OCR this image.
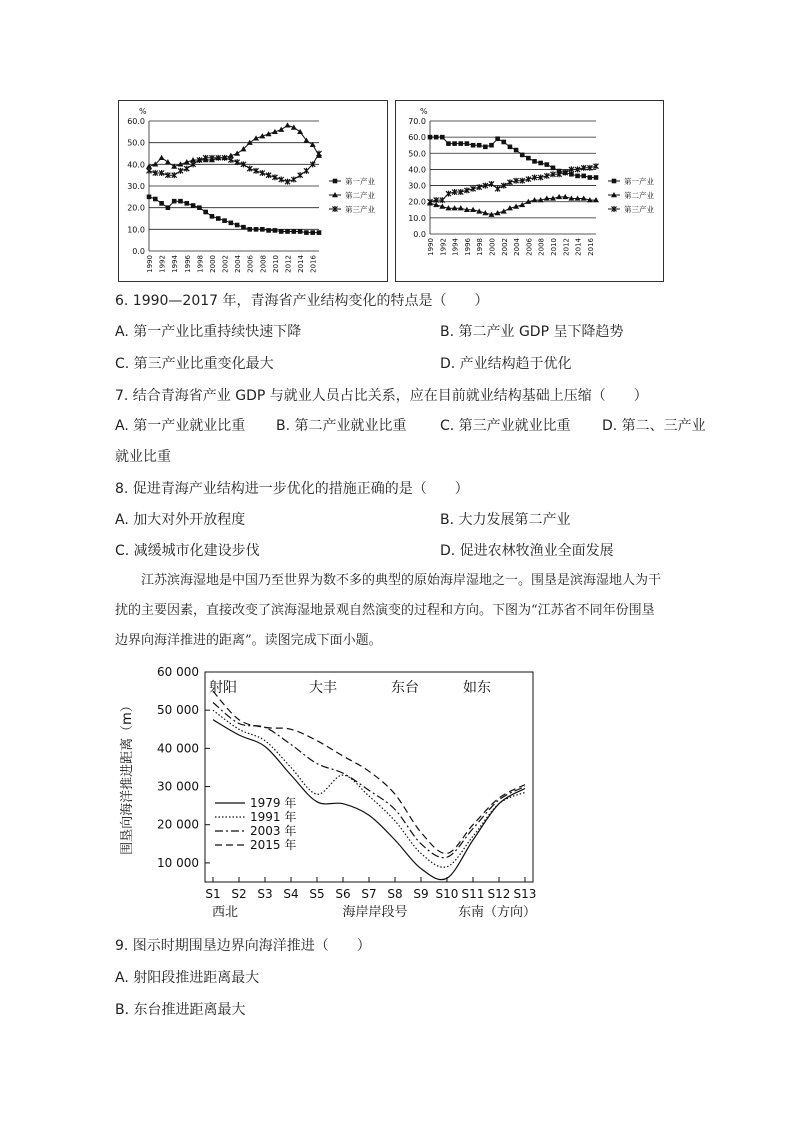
%
0.0
10.0
20.0
30.0
40.0
50.0
60.0
1990 1992 1994 1996 1998 2000 2002 2004 2006 2008 2010 2012 2014 2016
第一产业
第二产业
第三产业
%
0.0
10.0
20.0
30.0
40.0
50.0
60.0
70.0
1990 1992 1994 1996 1998 2000 2002 2004 2006 2008 2010 2012 2014 2016
第一产业
第二产业
第三产业
6. 1990—2017 年，青海省产业结构变化的特点是（　　）
A. 第一产业比重持续快速下降	B. 第二产业 GDP 呈下降趋势
C. 第三产业比重变化最大	D. 产业结构趋于优化
7. 结合青海省产业 GDP 与就业人员占比关系，应在目前就业结构基础上压缩（　　）
A. 第一产业就业比重 B. 第二产业就业比重 C. 第三产业就业比重 D. 第二、三产业
就业比重
8. 促进青海产业结构进一步优化的措施正确的是（　　）
A. 加大对外开放程度	B. 大力发展第二产业
C. 减缓城市化建设步伐	D. 促进农林牧渔业全面发展
江苏滨海湿地是中国乃至世界为数不多的典型的原始海岸湿地之一。围垦是滨海湿地人为干
扰的主要因素，直接改变了滨海湿地景观自然演变的过程和方向。下图为“江苏省不同年份围垦
边界向海洋推进的距离”。读图完成下面小题。
10 000
20 000
30 000
40 000
50 000
60 000
围垦向海洋推进距离（m）
S1 S2 S3 S4 S5 S6 S7 S8 S9 S10 S11 S12 S13
西北	海岸岸段号	东南（方向）
射阳	大丰	东台	如东
1979 年
1991 年
2003 年
2015 年
9. 图示时期围垦边界向海洋推进（　　）
A. 射阳段推进距离最大
B. 东台推进距离最大
